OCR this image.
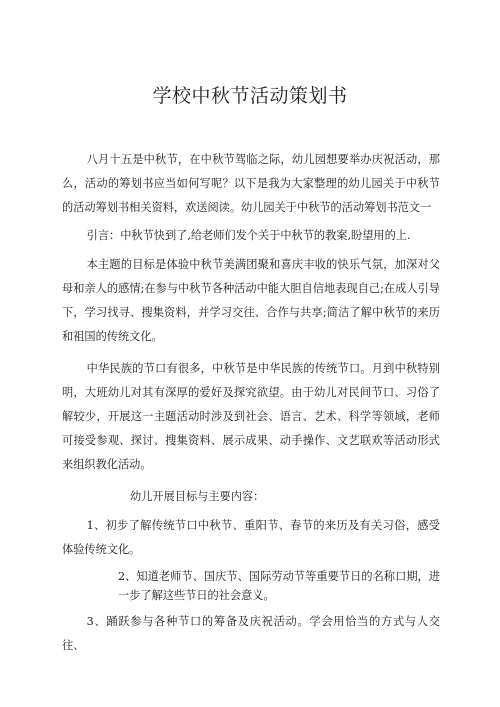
学校中秋节活动策划书

八月十五是中秋节，在中秋节驾临之际，幼儿园想要举办庆祝活动，那么，活动的筹划书应当如何写呢？以下是我为大家整理的幼儿园关于中秋节的活动筹划书相关资料，欢送阅读。幼儿园关于中秋节的活动筹划书范文一

引言：中秋节快到了,给老师们发个关于中秋节的教案,盼望用的上.

本主题的目标是体验中秋节美满团聚和喜庆丰收的快乐气氛，加深对父母和亲人的感情;在参与中秋节各种活动中能大胆自信地表现自己;在成人引导下，学习找寻、搜集资料，并学习交往、合作与共享;简洁了解中秋节的来历和祖国的传统文化。

中华民族的节口有很多，中秋节是中华民族的传统节口。月到中秋特别明，大班幼儿对其有深厚的爱好及探究欲望。由于幼儿对民间节口、习俗了解较少，开展这一主题活动时涉及到社会、语言、艺术、科学等领域，老师可接受参观、探讨、搜集资料、展示成果、动手操作、文艺联欢等活动形式来组织教化活动。

幼儿开展目标与主要内容：

1、初步了解传统节口中秋节、重阳节、春节的来历及有关习俗，感受体验传统文化。

2、知道老师节、国庆节、国际劳动节等重要节日的名称口期，进一步了解这些节日的社会意义。

3、踊跃参与各种节口的筹备及庆祝活动。学会用恰当的方式与人交往、
